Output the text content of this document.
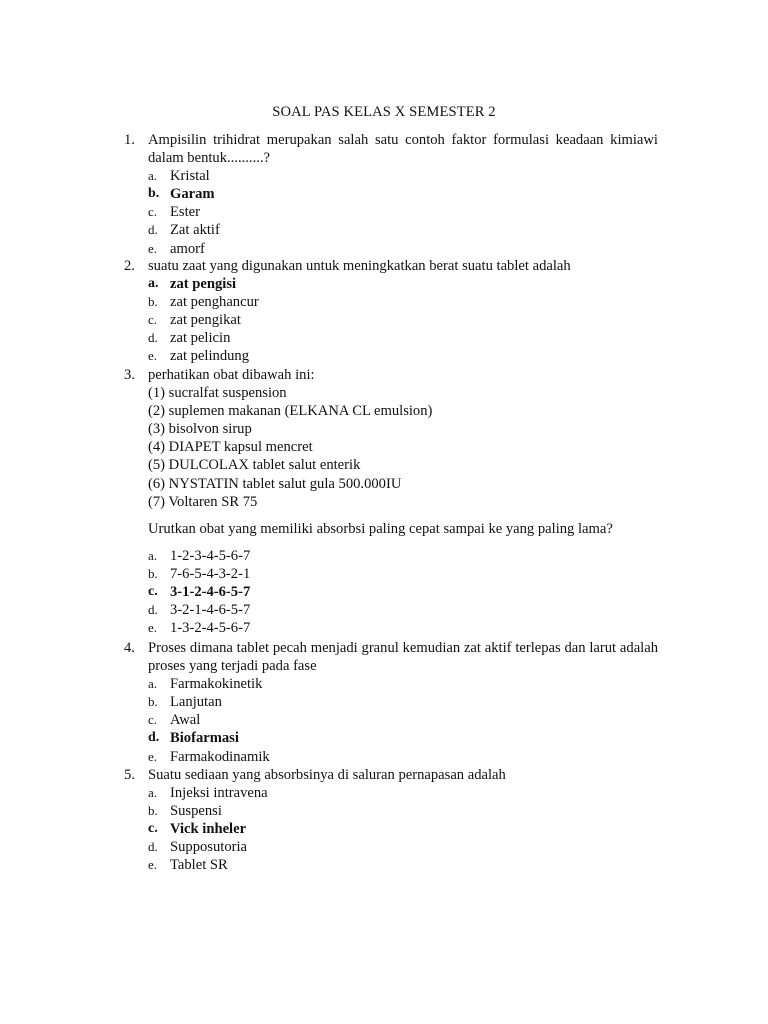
SOAL PAS KELAS X SEMESTER 2
1. Ampisilin trihidrat merupakan salah satu contoh faktor formulasi keadaan kimiawi dalam bentuk..........?
a. Kristal
b. Garam
c. Ester
d. Zat aktif
e. amorf
2. suatu zaat yang digunakan untuk meningkatkan berat suatu tablet adalah
a. zat pengisi
b. zat penghancur
c. zat pengikat
d. zat pelicin
e. zat pelindung
3. perhatikan obat dibawah ini:
(1) sucralfat suspension
(2) suplemen makanan (ELKANA CL emulsion)
(3) bisolvon sirup
(4) DIAPET kapsul mencret
(5) DULCOLAX tablet salut enterik
(6) NYSTATIN tablet salut gula 500.000IU
(7) Voltaren SR 75
Urutkan obat yang memiliki absorbsi paling cepat sampai ke yang paling lama?
a. 1-2-3-4-5-6-7
b. 7-6-5-4-3-2-1
c. 3-1-2-4-6-5-7
d. 3-2-1-4-6-5-7
e. 1-3-2-4-5-6-7
4. Proses dimana tablet pecah menjadi granul kemudian zat aktif terlepas dan larut adalah proses yang terjadi pada fase
a. Farmakokinetik
b. Lanjutan
c. Awal
d. Biofarmasi
e. Farmakodinamik
5. Suatu sediaan yang absorbsinya di saluran pernapasan adalah
a. Injeksi intravena
b. Suspensi
c. Vick inheler
d. Supposutoria
e. Tablet SR
